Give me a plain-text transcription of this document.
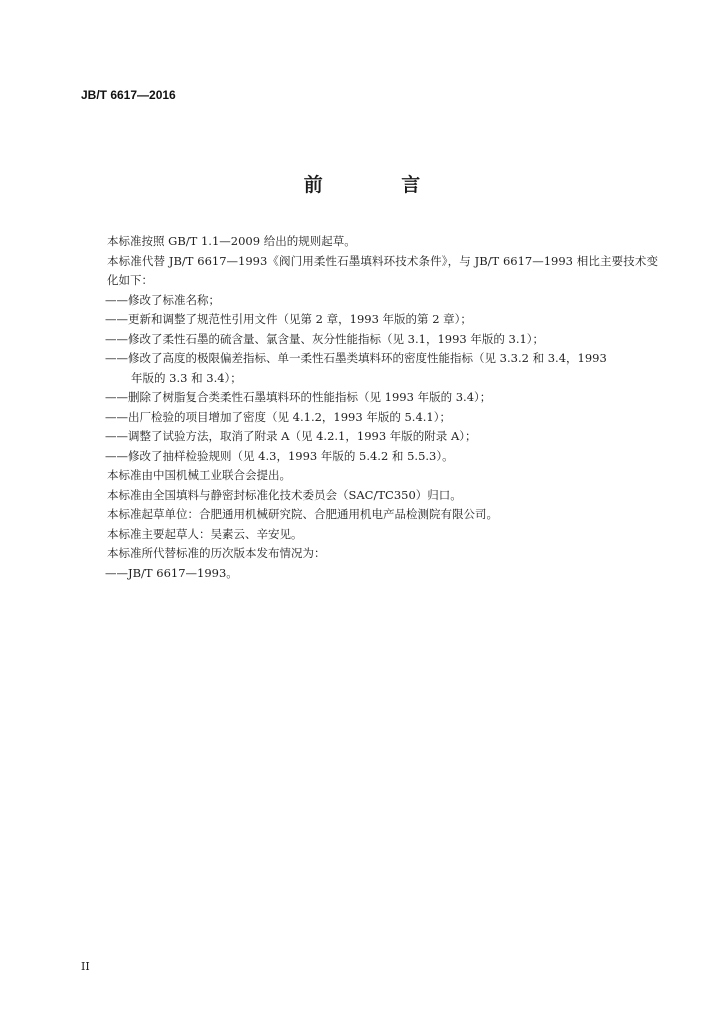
JB/T 6617—2016
前 言

本标准按照 GB/T 1.1—2009 给出的规则起草。

本标准代替 JB/T 6617—1993《阀门用柔性石墨填料环技术条件》，与 JB/T 6617—1993 相比主要技术变化如下：

——修改了标准名称；

——更新和调整了规范性引用文件（见第 2 章，1993 年版的第 2 章）；

——修改了柔性石墨的硫含量、氯含量、灰分性能指标（见 3.1，1993 年版的 3.1）；

——修改了高度的极限偏差指标、单一柔性石墨类填料环的密度性能指标（见 3.3.2 和 3.4，1993

年版的 3.3 和 3.4）；

——删除了树脂复合类柔性石墨填料环的性能指标（见 1993 年版的 3.4）；

——出厂检验的项目增加了密度（见 4.1.2，1993 年版的 5.4.1）；

——调整了试验方法，取消了附录 A（见 4.2.1，1993 年版的附录 A）；

——修改了抽样检验规则（见 4.3，1993 年版的 5.4.2 和 5.5.3）。

本标准由中国机械工业联合会提出。

本标准由全国填料与静密封标准化技术委员会（SAC/TC350）归口。

本标准起草单位：合肥通用机械研究院、合肥通用机电产品检测院有限公司。

本标准主要起草人：吴素云、辛安见。

本标准所代替标准的历次版本发布情况为：

——JB/T 6617—1993。

II
